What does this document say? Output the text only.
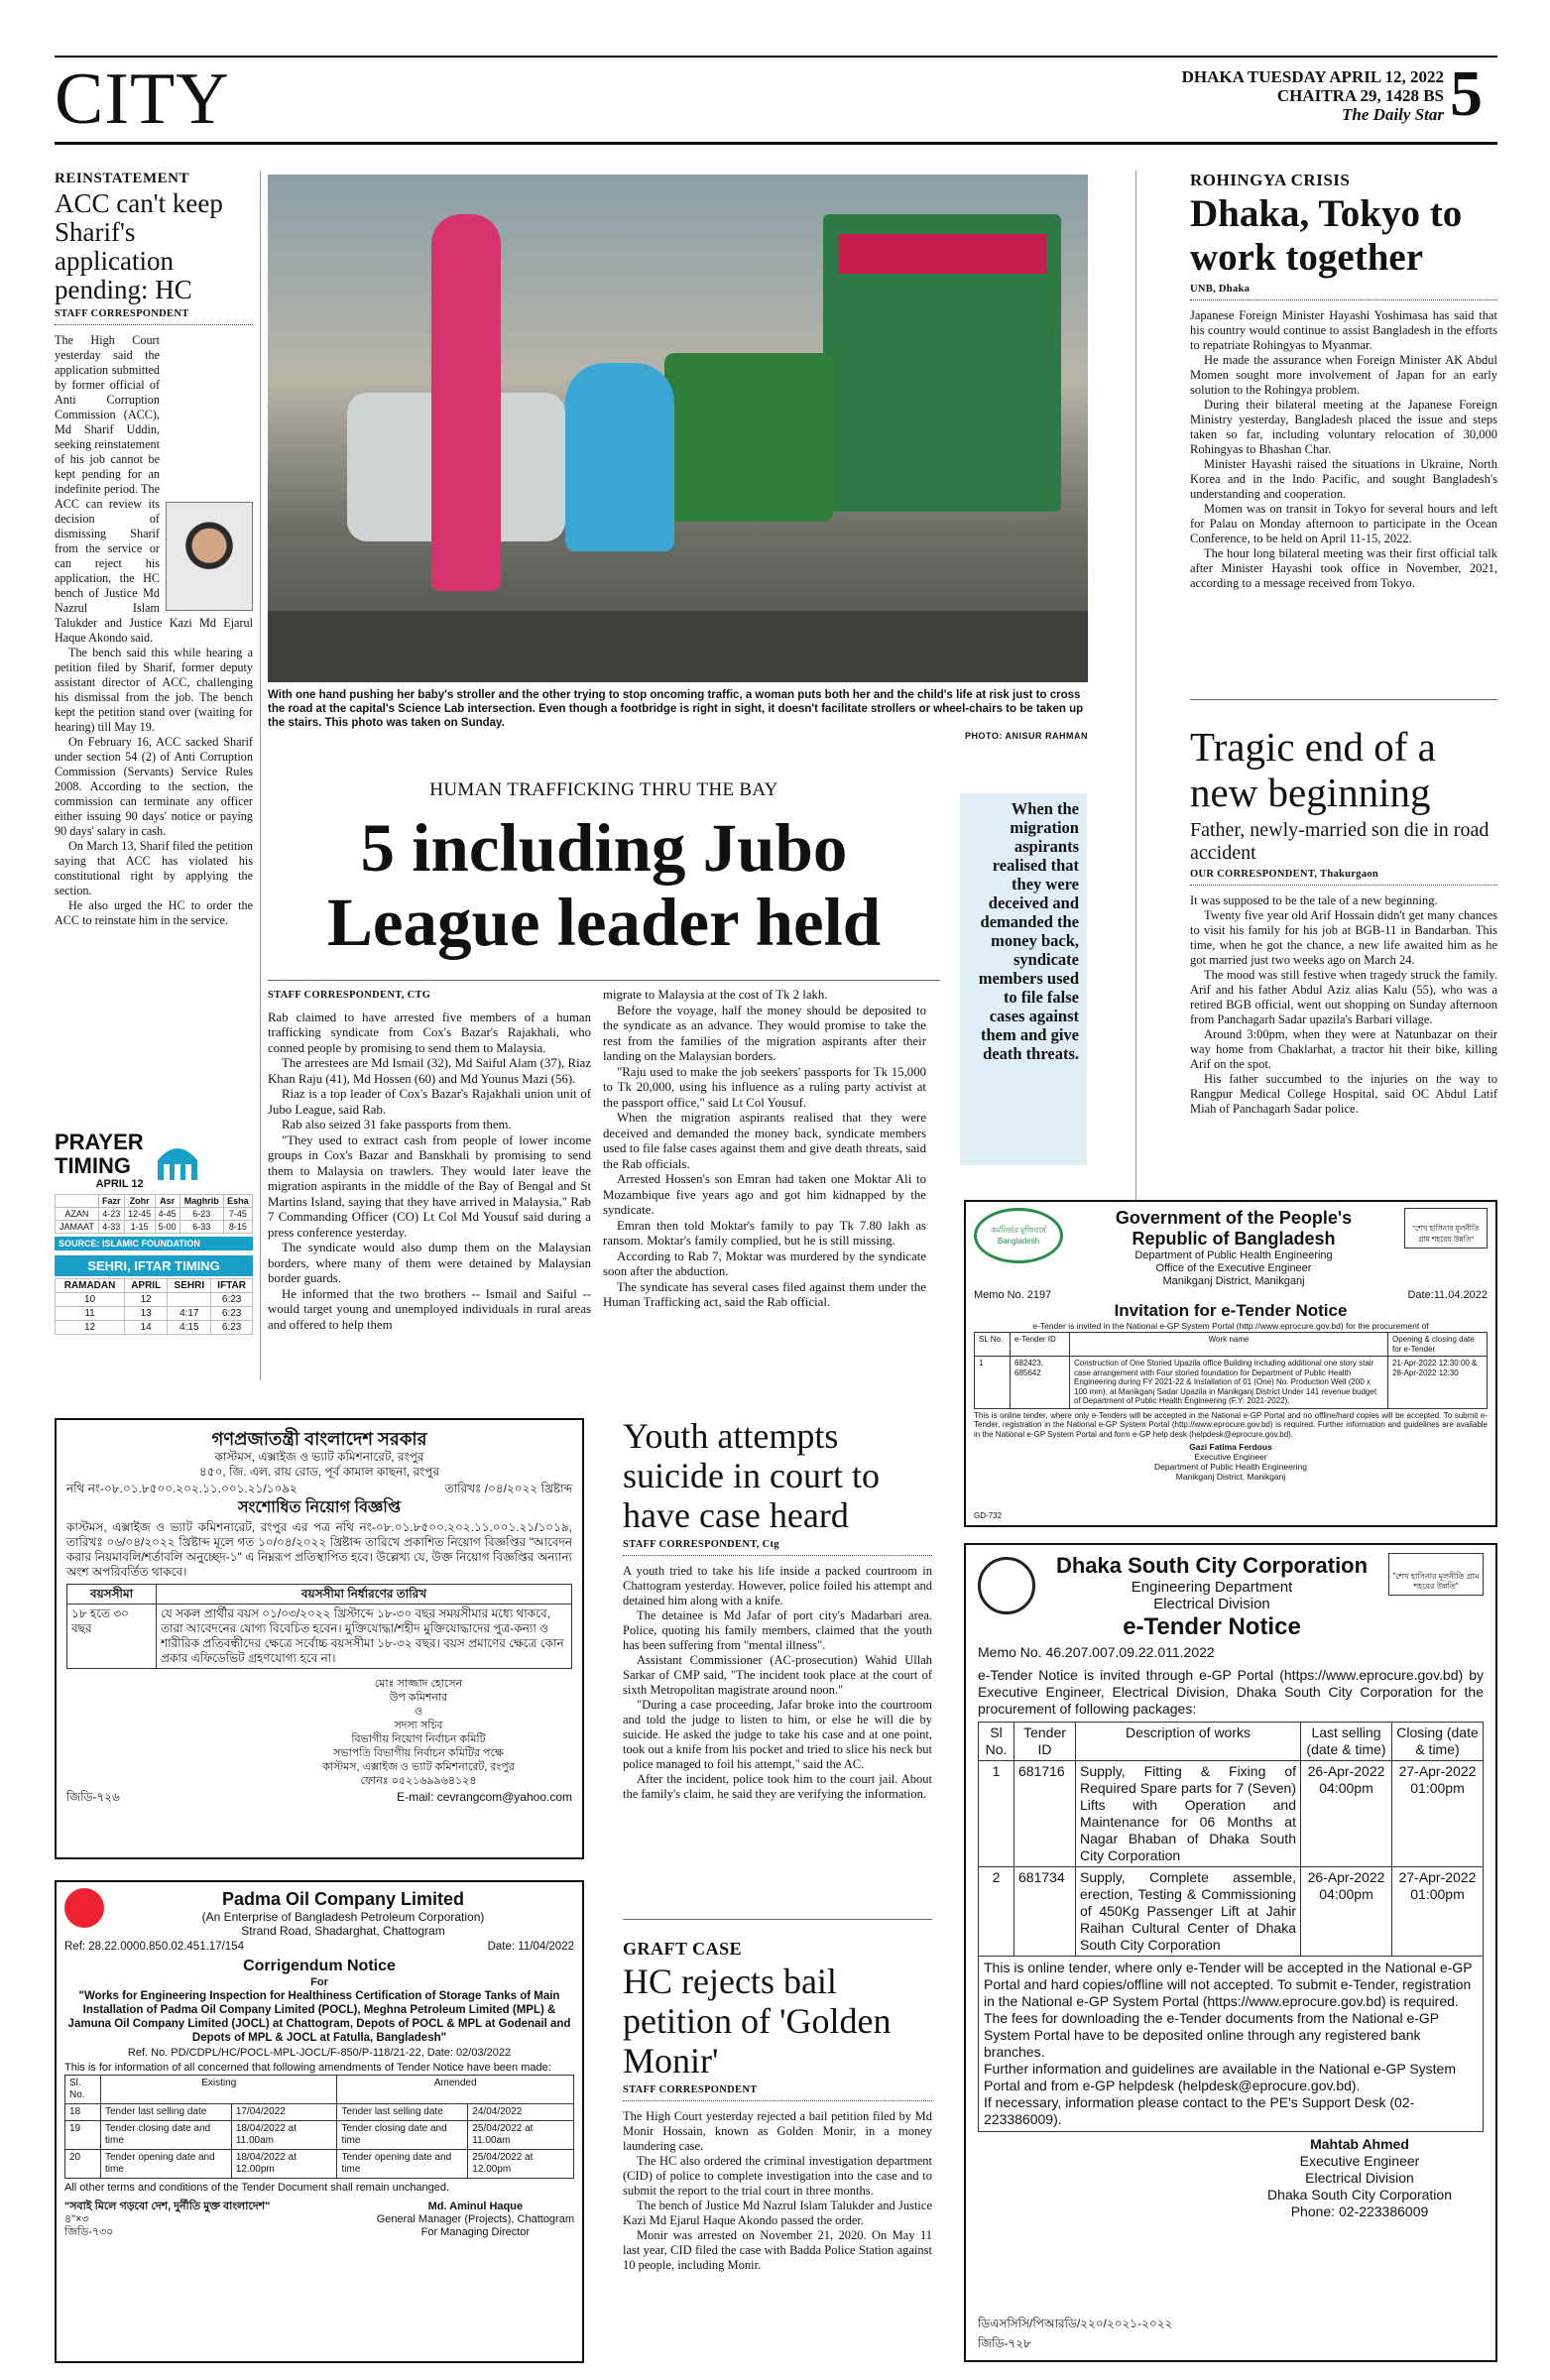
CITY	DHAKA TUESDAY APRIL 12, 2022
CHAITRA 29, 1428 BS
The Daily Star 5
REINSTATEMENT
ACC can't keep Sharif's application pending: HC
STAFF CORRESPONDENT

The High Court yesterday said the application submitted by former official of Anti Corruption Commission (ACC), Md Sharif Uddin, seeking reinstatement of his job cannot be kept pending for an indefinite period. The ACC can review its decision of dismissing Sharif from the service or can reject his application, the HC bench of Justice Md Nazrul Islam Talukder and Justice Kazi Md Ejarul Haque Akondo said.

The bench said this while hearing a petition filed by Sharif, former deputy assistant director of ACC, challenging his dismissal from the job. The bench kept the petition stand over (waiting for hearing) till May 19.

On February 16, ACC sacked Sharif under section 54 (2) of Anti Corruption Commission (Servants) Service Rules 2008. According to the section, the commission can terminate any officer either issuing 90 days' notice or paying 90 days' salary in cash.

On March 13, Sharif filed the petition saying that ACC has violated his constitutional right by applying the section.

He also urged the HC to order the ACC to reinstate him in the service.

PRAYER
TIMING
APRIL 12
	Fazr	Zohr	Asr	Maghrib	Esha
AZAN	4-23	12-45	4-45	6-23	7-45
JAMAAT	4-33	1-15	5-00	6-33	8-15
SOURCE: ISLAMIC FOUNDATION
SEHRI, IFTAR TIMING
RAMADAN	APRIL	SEHRI	IFTAR
10	12		6:23
11	13	4:17	6:23
12	14	4:15	6:23
With one hand pushing her baby's stroller and the other trying to stop oncoming traffic, a woman puts both her and the child's life at risk just to cross the road at the capital's Science Lab intersection. Even though a footbridge is right in sight, it doesn't facilitate strollers or wheel-chairs to be taken up the stairs. This photo was taken on Sunday.
PHOTO: ANISUR RAHMAN
HUMAN TRAFFICKING THRU THE BAY
5 including Jubo League leader held
STAFF CORRESPONDENT, CTG

Rab claimed to have arrested five members of a human trafficking syndicate from Cox's Bazar's Rajakhali, who conned people by promising to send them to Malaysia.

The arrestees are Md Ismail (32), Md Saiful Alam (37), Riaz Khan Raju (41), Md Hossen (60) and Md Younus Mazi (56).

Riaz is a top leader of Cox's Bazar's Rajakhali union unit of Jubo League, said Rab.

Rab also seized 31 fake passports from them.

"They used to extract cash from people of lower income groups in Cox's Bazar and Banskhali by promising to send them to Malaysia on trawlers. They would later leave the migration aspirants in the middle of the Bay of Bengal and St Martins Island, saying that they have arrived in Malaysia," Rab 7 Commanding Officer (CO) Lt Col Md Yousuf said during a press conference yesterday.

The syndicate would also dump them on the Malaysian borders, where many of them were detained by Malaysian border guards.

He informed that the two brothers -- Ismail and Saiful -- would target young and unemployed individuals in rural areas and offered to help them

migrate to Malaysia at the cost of Tk 2 lakh.

Before the voyage, half the money should be deposited to the syndicate as an advance. They would promise to take the rest from the families of the migration aspirants after their landing on the Malaysian borders.

"Raju used to make the job seekers' passports for Tk 15,000 to Tk 20,000, using his influence as a ruling party activist at the passport office," said Lt Col Yousuf.

When the migration aspirants realised that they were deceived and demanded the money back, syndicate members used to file false cases against them and give death threats, said the Rab officials.

Arrested Hossen's son Emran had taken one Moktar Ali to Mozambique five years ago and got him kidnapped by the syndicate.

Emran then told Moktar's family to pay Tk 7.80 lakh as ransom. Moktar's family complied, but he is still missing.

According to Rab 7, Moktar was murdered by the syndicate soon after the abduction.

The syndicate has several cases filed against them under the Human Trafficking act, said the Rab official.

When the migration aspirants realised that they were deceived and demanded the money back, syndicate members used to file false cases against them and give death threats.
ROHINGYA CRISIS
Dhaka, Tokyo to work together
UNB, Dhaka

Japanese Foreign Minister Hayashi Yoshimasa has said that his country would continue to assist Bangladesh in the efforts to repatriate Rohingyas to Myanmar.

He made the assurance when Foreign Minister AK Abdul Momen sought more involvement of Japan for an early solution to the Rohingya problem.

During their bilateral meeting at the Japanese Foreign Ministry yesterday, Bangladesh placed the issue and steps taken so far, including voluntary relocation of 30,000 Rohingyas to Bhashan Char.

Minister Hayashi raised the situations in Ukraine, North Korea and in the Indo Pacific, and sought Bangladesh's understanding and cooperation.

Momen was on transit in Tokyo for several hours and left for Palau on Monday afternoon to participate in the Ocean Conference, to be held on April 11-15, 2022.

The hour long bilateral meeting was their first official talk after Minister Hayashi took office in November, 2021, according to a message received from Tokyo.

Tragic end of a new beginning
Father, newly-married son die in road accident
OUR CORRESPONDENT, Thakurgaon

It was supposed to be the tale of a new beginning.

Twenty five year old Arif Hossain didn't get many chances to visit his family for his job at BGB-11 in Bandarban. This time, when he got the chance, a new life awaited him as he got married just two weeks ago on March 24.

The mood was still festive when tragedy struck the family. Arif and his father Abdul Aziz alias Kalu (55), who was a retired BGB official, went out shopping on Sunday afternoon from Panchagarh Sadar upazila's Barbari village.

Around 3:00pm, when they were at Natunbazar on their way home from Chaklarhat, a tractor hit their bike, killing Arif on the spot.

His father succumbed to the injuries on the way to Rangpur Medical College Hospital, said OC Abdul Latif Miah of Panchagarh Sadar police.

কর্মনির্ভর মুজিবর্ষে Bangladesh
Government of the People's
Republic of Bangladesh
Department of Public Health Engineering
Office of the Executive Engineer
Manikganj District, Manikganj
"শেখ হাসিনার মূলনীতি গ্রাম শহরের উন্নতি"
Memo No. 2197	Date:11.04.2022
Invitation for e-Tender Notice
e-Tender is invited in the National e-GP System Portal (http://www.eprocure.gov.bd) for the procurement of
SL No.	e-Tender ID	Work name	Opening & closing date for e-Tender
1	682423, 685642	Construction of One Storied Upazila office Building including additional one story stair case arrangement with Four storied foundation for Department of Public Health Engineering during FY 2021-22 & Installation of 01 (One) No. Production Well (200 x 100 mm), at Manikganj Sadar Upazila in Manikganj District Under 141 revenue budget of Department of Public Health Engineering (F.Y: 2021-2022).	21-Apr-2022 12:30:00 & 28-Apr-2022 12:30
This is online tender, where only e-Tenders will be accepted in the National e-GP Portal and no offline/hard copies will be accepted. To submit e-Tender, registration in the National e-GP System Portal (http://www.eprocure.gov.bd) is required. Further information and guidelines are available in the National e-GP System Portal and form e-GP help desk (helpdesk@eprocure.gov.bd).
Gazi Fatima Ferdous
Executive Engineer
Department of Public Health Engineering
Manikganj District, Manikganj
GD-732
Dhaka South City Corporation
Engineering Department
Electrical Division
e-Tender Notice
"শেখ হাসিনার মূলনীতি গ্রাম শহরের উন্নতি"
Memo No. 46.207.007.09.22.011.2022
e-Tender Notice is invited through e-GP Portal (https://www.eprocure.gov.bd) by Executive Engineer, Electrical Division, Dhaka South City Corporation for the procurement of following packages:
Sl No.	Tender ID	Description of works	Last selling (date & time)	Closing (date & time)
1	681716	Supply, Fitting & Fixing of Required Spare parts for 7 (Seven) Lifts with Operation and Maintenance for 06 Months at Nagar Bhaban of Dhaka South City Corporation	26-Apr-2022 04:00pm	27-Apr-2022 01:00pm
2	681734	Supply, Complete assemble, erection, Testing & Commissioning of 450Kg Passenger Lift at Jahir Raihan Cultural Center of Dhaka South City Corporation	26-Apr-2022 04:00pm	27-Apr-2022 01:00pm
This is online tender, where only e-Tender will be accepted in the National e-GP Portal and hard copies/offline will not accepted. To submit e-Tender, registration in the National e-GP System Portal (https://www.eprocure.gov.bd) is required.
The fees for downloading the e-Tender documents from the National e-GP System Portal have to be deposited online through any registered bank branches.
Further information and guidelines are available in the National e-GP System Portal and from e-GP helpdesk (helpdesk@eprocure.gov.bd).
If necessary, information please contact to the PE's Support Desk (02-223386009).
Mahtab Ahmed
Executive Engineer
Electrical Division
Dhaka South City Corporation
Phone: 02-223386009
ডিএসসিসি/পিআরডি/২২০/২০২১-২০২২
জিডি-৭২৮
গণপ্রজাতন্ত্রী বাংলাদেশ সরকার
কাস্টমস, এক্সাইজ ও ভ্যাট কমিশনারেট, রংপুর
৪৫০, জি. এল. রায় রোড, পূর্ব কামাল কাছনা, রংপুর
নথি নং-০৮.০১.৮৫০০.২০২.১১.০০১.২১/১০৯২	তারিখঃ /০৪/২০২২ খ্রিষ্টাব্দ
সংশোধিত নিয়োগ বিজ্ঞপ্তি
কাস্টমস, এক্সাইজ ও ভ্যাট কমিশনারেট, রংপুর এর পত্র নথি নং-০৮.০১.৮৫০০.২০২.১১.০০১.২১/১০১৯, তারিখঃ ০৬/০৪/২০২২ খ্রিষ্টাব্দ মূলে গত ১০/০৪/২০২২ খ্রিষ্টাব্দ তারিখে প্রকাশিত নিয়োগ বিজ্ঞপ্তির "আবেদন করার নিয়মাবলি/শর্তাবলি অনুচ্ছেদ-১" এ নিম্নরূপ প্রতিস্থাপিত হবে। উল্লেখ্য যে, উক্ত নিয়োগ বিজ্ঞপ্তির অন্যান্য অংশ অপরিবর্তিত থাকবে।
বয়সসীমা	বয়সসীমা নির্ধারণের তারিখ
১৮ হতে ৩০ বছর	যে সকল প্রার্থীর বয়স ০১/০৩/২০২২ খ্রিস্টাব্দে ১৮-৩০ বছর সময়সীমার মধ্যে থাকবে, তারা আবেদনের যোগ্য বিবেচিত হবেন। মুক্তিযোদ্ধা/শহীদ মুক্তিযোদ্ধাদের পুত্র-কন্যা ও শারীরিক প্রতিবন্ধীদের ক্ষেত্রে সর্বোচ্চ বয়সসীমা ১৮-৩২ বছর। বয়স প্রমাণের ক্ষেত্রে কোন প্রকার এফিডেভিট গ্রহণযোগ্য হবে না।
মোঃ সাজ্জাদ হোসেন
উপ কমিশনার
ও
সদস্য সচিব
বিভাগীয় নিয়োগ নির্বাচন কমিটি
সভাপতি বিভাগীয় নির্বাচন কমিটির পক্ষে
কাস্টমস, এক্সাইজ ও ভ্যাট কমিশনারেট, রংপুর
ফোনঃ ০৫২১৬৯৯৬৪১২৪
জিডি-৭২৬	E-mail: cevrangcom@yahoo.com
Padma Oil Company Limited
(An Enterprise of Bangladesh Petroleum Corporation)
Strand Road, Shadarghat, Chattogram
Ref: 28.22.0000.850.02.451.17/154	Date: 11/04/2022
Corrigendum Notice
For
"Works for Engineering Inspection for Healthiness Certification of Storage Tanks of Main Installation of Padma Oil Company Limited (POCL), Meghna Petroleum Limited (MPL) & Jamuna Oil Company Limited (JOCL) at Chattogram, Depots of POCL & MPL at Godenail and Depots of MPL & JOCL at Fatulla, Bangladesh"
Ref. No. PD/CDPL/HC/POCL-MPL-JOCL/F-850/P-118/21-22, Date: 02/03/2022
This is for information of all concerned that following amendments of Tender Notice have been made:
Sl. No.	Existing		Amended	
18	Tender last selling date	17/04/2022	Tender last selling date	24/04/2022
19	Tender closing date and time	18/04/2022 at 11.00am	Tender closing date and time	25/04/2022 at 11.00am
20	Tender opening date and time	18/04/2022 at 12.00pm	Tender opening date and time	25/04/2022 at 12.00pm
All other terms and conditions of the Tender Document shall remain unchanged.
"সবাই মিলে গড়বো দেশ, দুর্নীতি মুক্ত বাংলাদেশ"
৪"×৩
জিডি-৭৩০
Md. Aminul Haque
General Manager (Projects), Chattogram
For Managing Director
Youth attempts suicide in court to have case heard
STAFF CORRESPONDENT, Ctg

A youth tried to take his life inside a packed courtroom in Chattogram yesterday. However, police foiled his attempt and detained him along with a knife.

The detainee is Md Jafar of port city's Madarbari area. Police, quoting his family members, claimed that the youth has been suffering from "mental illness".

Assistant Commissioner (AC-prosecution) Wahid Ullah Sarkar of CMP said, "The incident took place at the court of sixth Metropolitan magistrate around noon."

"During a case proceeding, Jafar broke into the courtroom and told the judge to listen to him, or else he will die by suicide. He asked the judge to take his case and at one point, took out a knife from his pocket and tried to slice his neck but police managed to foil his attempt," said the AC.

After the incident, police took him to the court jail. About the family's claim, he said they are verifying the information.

GRAFT CASE
HC rejects bail petition of 'Golden Monir'
STAFF CORRESPONDENT

The High Court yesterday rejected a bail petition filed by Md Monir Hossain, known as Golden Monir, in a money laundering case.

The HC also ordered the criminal investigation department (CID) of police to complete investigation into the case and to submit the report to the trial court in three months.

The bench of Justice Md Nazrul Islam Talukder and Justice Kazi Md Ejarul Haque Akondo passed the order.

Monir was arrested on November 21, 2020. On May 11 last year, CID filed the case with Badda Police Station against 10 people, including Monir.
